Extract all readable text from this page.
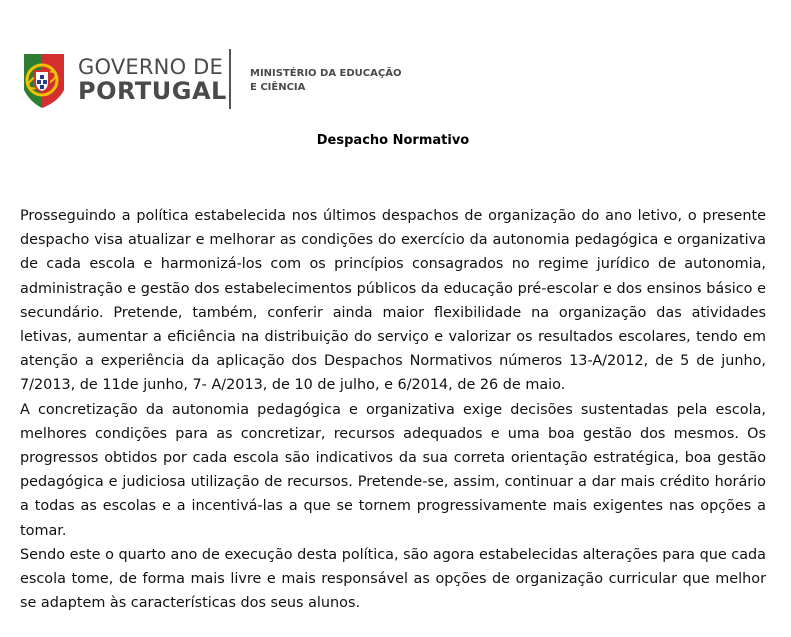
GOVERNO DE
PORTUGAL
MINISTÉRIO DA EDUCAÇÃO
E CIÊNCIA
Despacho Normativo

Prosseguindo a política estabelecida nos últimos despachos de organização do ano letivo, o presente despacho visa atualizar e melhorar as condições do exercício da autonomia pedagógica e organizativa de cada escola e harmonizá-los com os princípios consagrados no regime jurídico de autonomia, administração e gestão dos estabelecimentos públicos da educação pré-escolar e dos ensinos básico e secundário. Pretende, também, conferir ainda maior flexibilidade na organização das atividades letivas, aumentar a eficiência na distribuição do serviço e valorizar os resultados escolares, tendo em atenção a experiência da aplicação dos Despachos Normativos números 13-A/2012, de 5 de junho, 7/2013, de 11de junho, 7- A/2013, de 10 de julho, e 6/2014, de 26 de maio.

A concretização da autonomia pedagógica e organizativa exige decisões sustentadas pela escola, melhores condições para as concretizar, recursos adequados e uma boa gestão dos mesmos. Os progressos obtidos por cada escola são indicativos da sua correta orientação estratégica, boa gestão pedagógica e judiciosa utilização de recursos. Pretende-se, assim, continuar a dar mais crédito horário a todas as escolas e a incentivá-las a que se tornem progressivamente mais exigentes nas opções a tomar.

Sendo este o quarto ano de execução desta política, são agora estabelecidas alterações para que cada escola tome, de forma mais livre e mais responsável as opções de organização curricular que melhor se adaptem às características dos seus alunos.
